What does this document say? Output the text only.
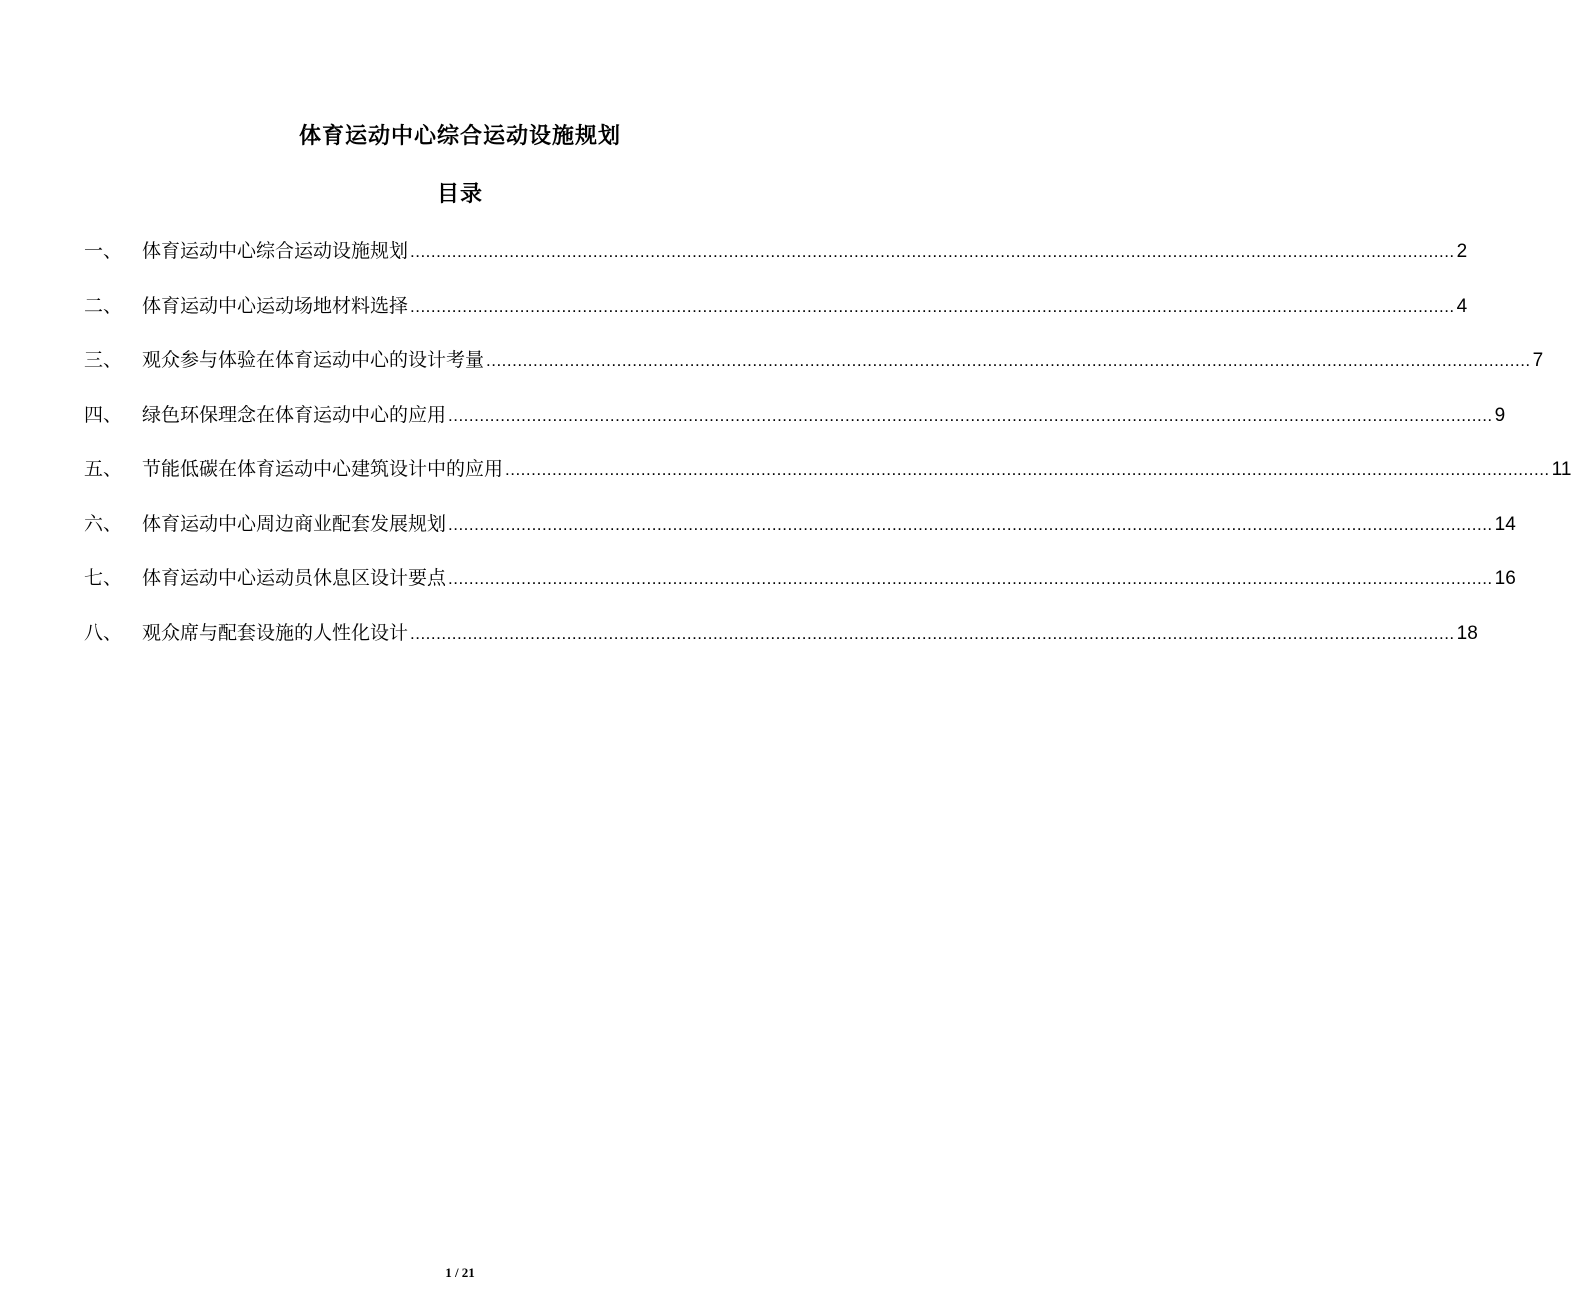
体育运动中心综合运动设施规划
目录
一、	体育运动中心综合运动设施规划 ........................................................................................................................................................................................................ 2
二、	体育运动中心运动场地材料选择 ........................................................................................................................................................................................................ 4
三、	观众参与体验在体育运动中心的设计考量 ........................................................................................................................................................................................................ 7
四、	绿色环保理念在体育运动中心的应用 ........................................................................................................................................................................................................ 9
五、	节能低碳在体育运动中心建筑设计中的应用 ........................................................................................................................................................................................................ 11
六、	体育运动中心周边商业配套发展规划 ........................................................................................................................................................................................................ 14
七、	体育运动中心运动员休息区设计要点 ........................................................................................................................................................................................................ 16
八、	观众席与配套设施的人性化设计 ........................................................................................................................................................................................................ 18
1 / 21
